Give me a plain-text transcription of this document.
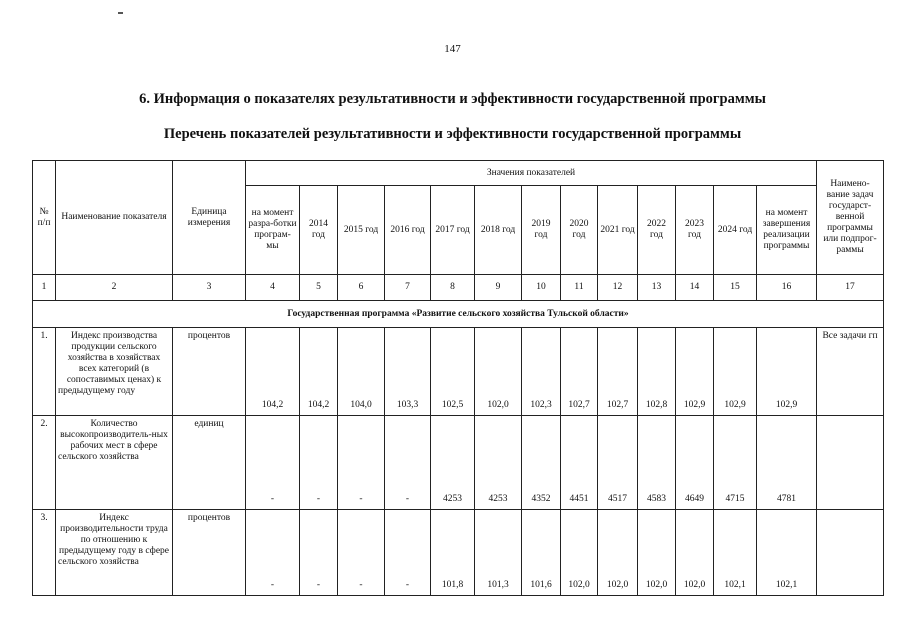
147
6. Информация о показателях результативности и эффективности государственной программы
Перечень показателей результативности и эффективности государственной программы
№ п/п	Наименование показателя	Единица измерения	Значения показателей													Наимено-вание задач государст-венной программы или подпрог-раммы
			на момент разра-ботки програм-мы	2014 год	2015 год	2016 год	2017 год	2018 год	2019 год	2020 год	2021 год	2022 год	2023 год	2024 год	на момент завершения реализации программы	
1	2	3	4	5	6	7	8	9	10	11	12	13	14	15	16	17
Государственная программа «Развитие сельского хозяйства Тульской области»																
1.	Индекс производства продукции сельского хозяйства в хозяйствах всех категорий (в сопоставимых ценах) к предыдущему году	процентов	104,2	104,2	104,0	103,3	102,5	102,0	102,3	102,7	102,7	102,8	102,9	102,9	102,9	Все задачи гп
2.	Количество высокопроизводитель-ных рабочих мест в сфере сельского хозяйства	единиц	-	-	-	-	4253	4253	4352	4451	4517	4583	4649	4715	4781	
3.	Индекс производительности труда по отношению к предыдущему году в сфере сельского хозяйства	процентов	-	-	-	-	101,8	101,3	101,6	102,0	102,0	102,0	102,0	102,1	102,1	
